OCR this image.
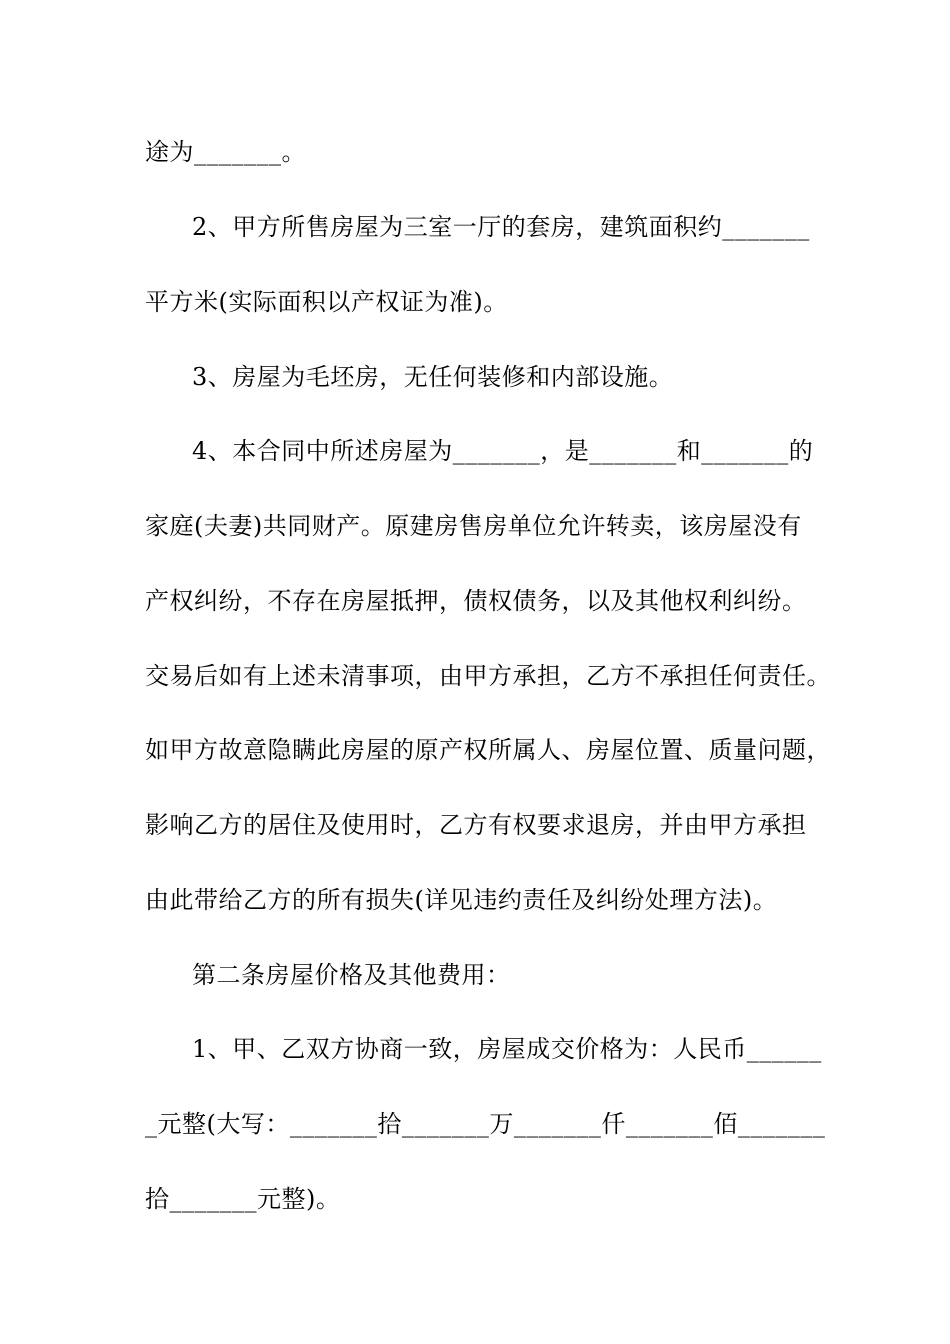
途为_______。
2、甲方所售房屋为三室一厅的套房，建筑面积约_______
平方米(实际面积以产权证为准)。
3、房屋为毛坯房，无任何装修和内部设施。
4、本合同中所述房屋为_______，是_______和_______的
家庭(夫妻)共同财产。原建房售房单位允许转卖，该房屋没有
产权纠纷，不存在房屋抵押，债权债务，以及其他权利纠纷。
交易后如有上述未清事项，由甲方承担，乙方不承担任何责任。
如甲方故意隐瞒此房屋的原产权所属人、房屋位置、质量问题，
影响乙方的居住及使用时，乙方有权要求退房，并由甲方承担
由此带给乙方的所有损失(详见违约责任及纠纷处理方法)。
第二条房屋价格及其他费用：
1、甲、乙双方协商一致，房屋成交价格为：人民币______
_元整(大写：_______拾_______万_______仟_______佰_______
拾_______元整)。
